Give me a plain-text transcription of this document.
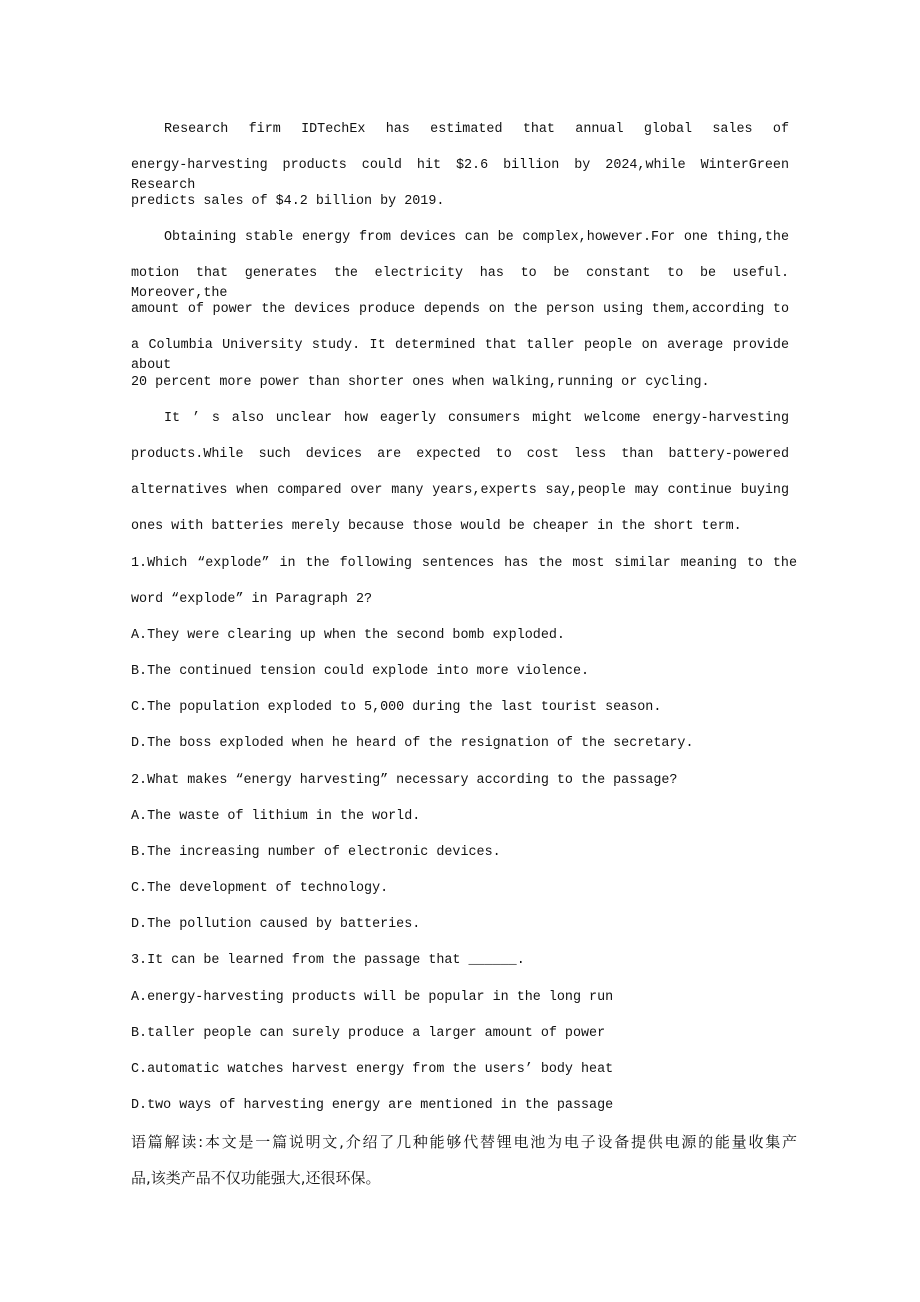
Research firm IDTechEx has estimated that annual global sales of
energy-harvesting products could hit $2.6 billion by 2024,while WinterGreen Research
predicts sales of $4.2 billion by 2019.
Obtaining stable energy from devices can be complex,however.For one thing,the
motion that generates the electricity has to be constant to be useful. Moreover,the
amount of power the devices produce depends on the person using them,according to
a Columbia University study. It determined that taller people on average provide about
20 percent more power than shorter ones when walking,running or cycling.
It ’ s also unclear how eagerly consumers might welcome energy-harvesting
products.While such devices are expected to cost less than battery-powered
alternatives when compared over many years,experts say,people may continue buying
ones with batteries merely because those would be cheaper in the short term.
1.Which “explode” in the following sentences has the most similar meaning to the
word “explode” in Paragraph 2?
A.They were clearing up when the second bomb exploded.
B.The continued tension could explode into more violence.
C.The population exploded to 5,000 during the last tourist season.
D.The boss exploded when he heard of the resignation of the secretary.
2.What makes “energy harvesting” necessary according to the passage?
A.The waste of lithium in the world.
B.The increasing number of electronic devices.
C.The development of technology.
D.The pollution caused by batteries.
3.It can be learned from the passage that ______.
A.energy-harvesting products will be popular in the long run
B.taller people can surely produce a larger amount of power
C.automatic watches harvest energy from the users’ body heat
D.two ways of harvesting energy are mentioned in the passage
语篇解读:本文是一篇说明文,介绍了几种能够代替锂电池为电子设备提供电源的能量收集产
品,该类产品不仅功能强大,还很环保。
